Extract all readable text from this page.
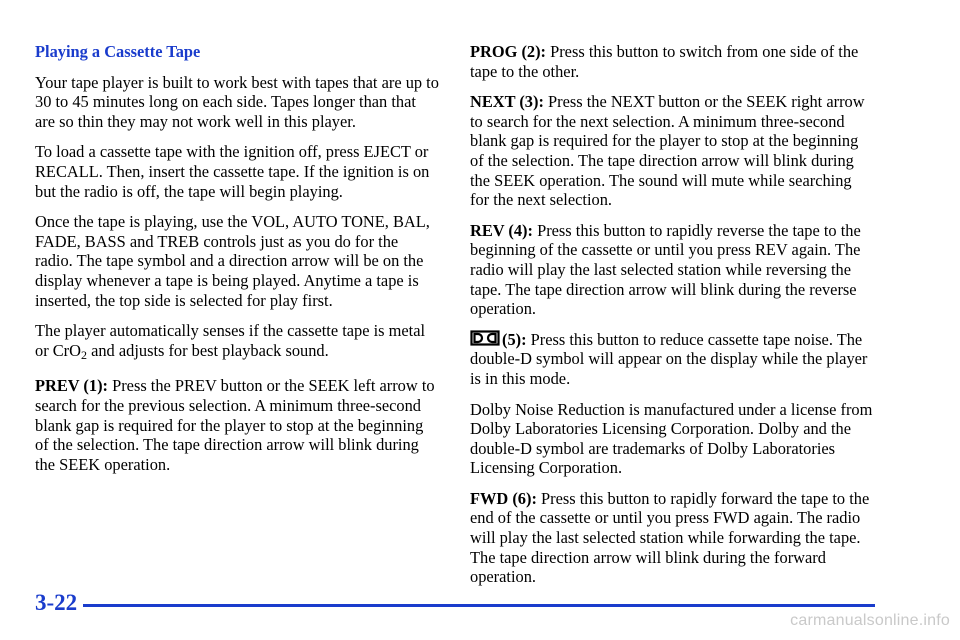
Playing a Cassette Tape

Your tape player is built to work best with tapes that are up to 30 to 45 minutes long on each side. Tapes longer than that are so thin they may not work well in this player.

To load a cassette tape with the ignition off, press EJECT or RECALL. Then, insert the cassette tape. If the ignition is on but the radio is off, the tape will begin playing.

Once the tape is playing, use the VOL, AUTO TONE, BAL, FADE, BASS and TREB controls just as you do for the radio. The tape symbol and a direction arrow will be on the display whenever a tape is being played. Anytime a tape is inserted, the top side is selected for play first.

The player automatically senses if the cassette tape is metal or CrO$_2$ and adjusts for best playback sound.

PREV (1): Press the PREV button or the SEEK left arrow to search for the previous selection. A minimum three-second blank gap is required for the player to stop at the beginning of the selection. The tape direction arrow will blink during the SEEK operation.

PROG (2): Press this button to switch from one side of the tape to the other.

NEXT (3): Press the NEXT button or the SEEK right arrow to search for the next selection. A minimum three-second blank gap is required for the player to stop at the beginning of the selection. The tape direction arrow will blink during the SEEK operation. The sound will mute while searching for the next selection.

REV (4): Press this button to rapidly reverse the tape to the beginning of the cassette or until you press REV again. The radio will play the last selected station while reversing the tape. The tape direction arrow will blink during the reverse operation.

(5): Press this button to reduce cassette tape noise. The double-D symbol will appear on the display while the player is in this mode.

Dolby Noise Reduction is manufactured under a license from Dolby Laboratories Licensing Corporation. Dolby and the double-D symbol are trademarks of Dolby Laboratories Licensing Corporation.

FWD (6): Press this button to rapidly forward the tape to the end of the cassette or until you press FWD again. The radio will play the last selected station while forwarding the tape. The tape direction arrow will blink during the forward operation.

3-22
carmanualsonline.info
